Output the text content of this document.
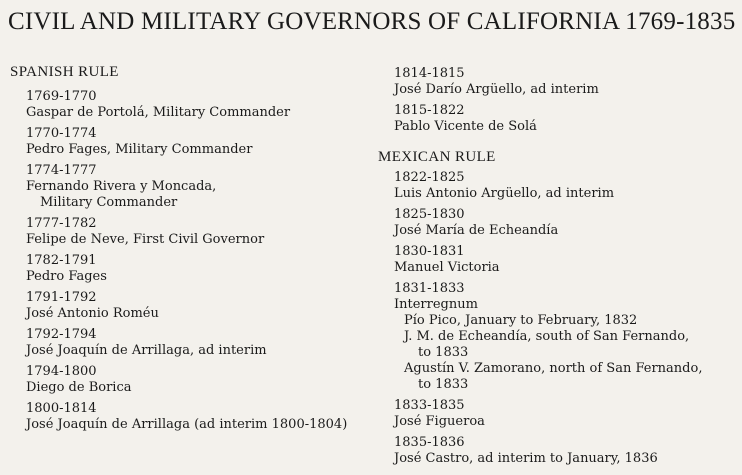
CIVIL AND MILITARY GOVERNORS OF CALIFORNIA 1769-1835
SPANISH RULE
1769-1770
Gaspar de Portolá, Military Commander
1770-1774
Pedro Fages, Military Commander
1774-1777
Fernando Rivera y Moncada,
Military Commander
1777-1782
Felipe de Neve, First Civil Governor
1782-1791
Pedro Fages
1791-1792
José Antonio Roméu
1792-1794
José Joaquín de Arrillaga, ad interim
1794-1800
Diego de Borica
1800-1814
José Joaquín de Arrillaga (ad interim 1800-1804)
1814-1815
José Darío Argüello, ad interim
1815-1822
Pablo Vicente de Solá
MEXICAN RULE
1822-1825
Luis Antonio Argüello, ad interim
1825-1830
José María de Echeandía
1830-1831
Manuel Victoria
1831-1833
Interregnum
Pío Pico, January to February, 1832
J. M. de Echeandía, south of San Fernando,
to 1833
Agustín V. Zamorano, north of San Fernando,
to 1833
1833-1835
José Figueroa
1835-1836
José Castro, ad interim to January, 1836
